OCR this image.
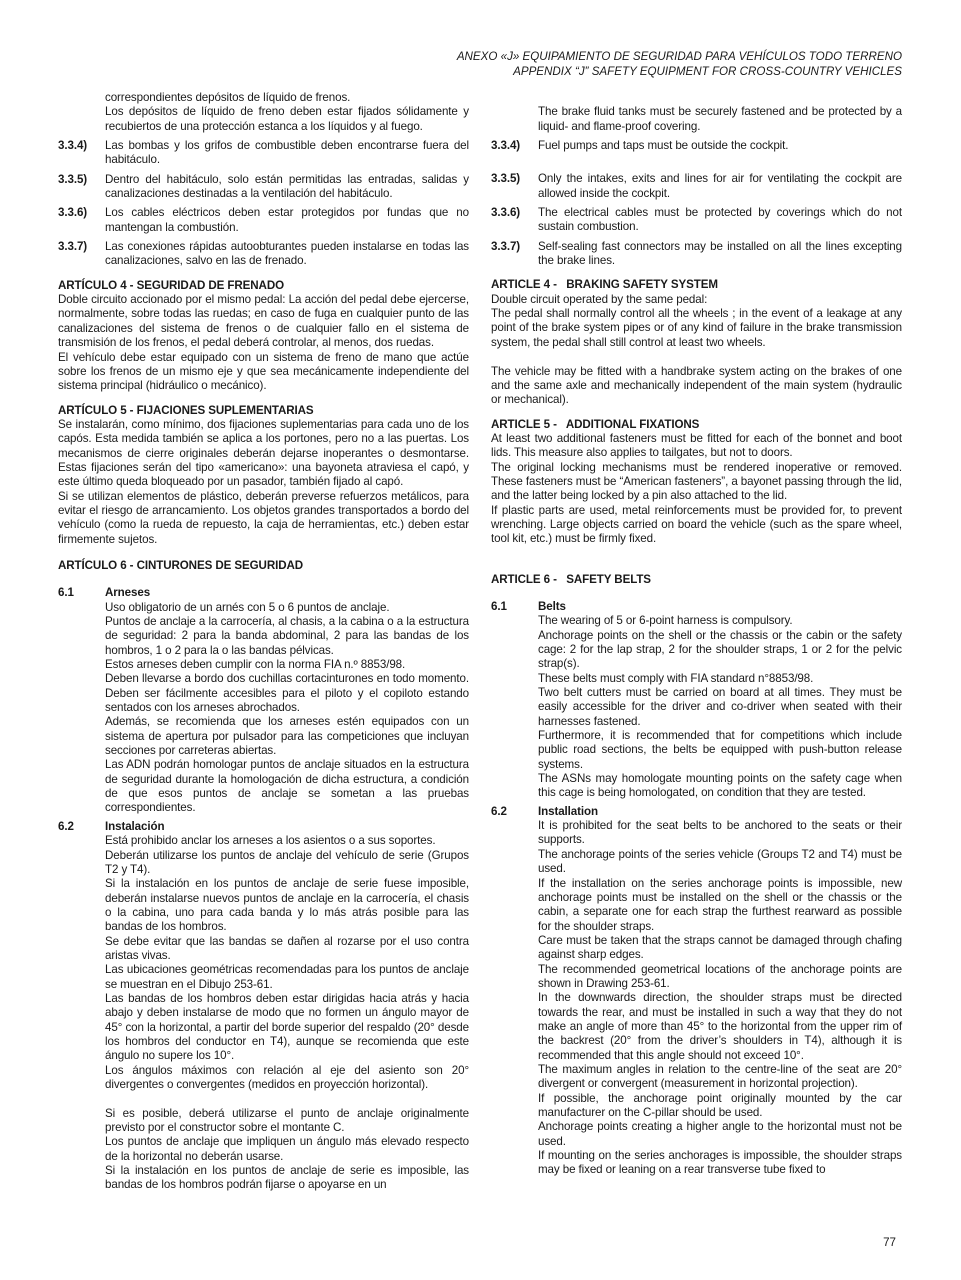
ANEXO «J» EQUIPAMIENTO DE SEGURIDAD PARA VEHÍCULOS TODO TERRENO
APPENDIX “J” SAFETY EQUIPMENT FOR CROSS-COUNTRY VEHICLES

correspondientes depósitos de líquido de frenos.

Los depósitos de líquido de freno deben estar fijados sólidamente y recubiertos de una protección estanca a los líquidos y al fuego.

3.3.4)	Las bombas y los grifos de combustible deben encontrarse fuera del habitáculo.
3.3.5)	Dentro del habitáculo, solo están permitidas las entradas, salidas y canalizaciones destinadas a la ventilación del habitáculo.
3.3.6)	Los cables eléctricos deben estar protegidos por fundas que no mantengan la combustión.
3.3.7)	Las conexiones rápidas autoobturantes pueden instalarse en todas las canalizaciones, salvo en las de frenado.
ARTÍCULO 4 - SEGURIDAD DE FRENADO

Doble circuito accionado por el mismo pedal: La acción del pedal debe ejercerse, normalmente, sobre todas las ruedas; en caso de fuga en cualquier punto de las canalizaciones del sistema de frenos o de cualquier fallo en el sistema de transmisión de los frenos, el pedal deberá controlar, al menos, dos ruedas.

El vehículo debe estar equipado con un sistema de freno de mano que actúe sobre los frenos de un mismo eje y que sea mecánicamente independiente del sistema principal (hidráulico o mecánico).

ARTÍCULO 5 - FIJACIONES SUPLEMENTARIAS

Se instalarán, como mínimo, dos fijaciones suplementarias para cada uno de los capós. Esta medida también se aplica a los portones, pero no a las puertas. Los mecanismos de cierre originales deberán dejarse inoperantes o desmontarse. Estas fijaciones serán del tipo «americano»: una bayoneta atraviesa el capó, y este último queda bloqueado por un pasador, también fijado al capó.

Si se utilizan elementos de plástico, deberán preverse refuerzos metálicos, para evitar el riesgo de arrancamiento. Los objetos grandes transportados a bordo del vehículo (como la rueda de repuesto, la caja de herramientas, etc.) deben estar firmemente sujetos.

ARTÍCULO 6 - CINTURONES DE SEGURIDAD
6.1	Arneses

Uso obligatorio de un arnés con 5 o 6 puntos de anclaje.

Puntos de anclaje a la carrocería, al chasis, a la cabina o a la estructura de seguridad: 2 para la banda abdominal, 2 para las bandas de los hombros, 1 o 2 para la o las bandas pélvicas.

Estos arneses deben cumplir con la norma FIA n.º 8853/98.

Deben llevarse a bordo dos cuchillas cortacinturones en todo momento. Deben ser fácilmente accesibles para el piloto y el copiloto estando sentados con los arneses abrochados.

Además, se recomienda que los arneses estén equipados con un sistema de apertura por pulsador para las competiciones que incluyan secciones por carreteras abiertas.

Las ADN podrán homologar puntos de anclaje situados en la estructura de seguridad durante la homologación de dicha estructura, a condición de que esos puntos de anclaje se sometan a las pruebas correspondientes.

6.2	Instalación

Está prohibido anclar los arneses a los asientos o a sus soportes.

Deberán utilizarse los puntos de anclaje del vehículo de serie (Grupos T2 y T4).

Si la instalación en los puntos de anclaje de serie fuese imposible, deberán instalarse nuevos puntos de anclaje en la carrocería, el chasis o la cabina, uno para cada banda y lo más atrás posible para las bandas de los hombros.

Se debe evitar que las bandas se dañen al rozarse por el uso contra aristas vivas.

Las ubicaciones geométricas recomendadas para los puntos de anclaje se muestran en el Dibujo 253-61.

Las bandas de los hombros deben estar dirigidas hacia atrás y hacia abajo y deben instalarse de modo que no formen un ángulo mayor de 45° con la horizontal, a partir del borde superior del respaldo (20° desde los hombros del conductor en T4), aunque se recomienda que este ángulo no supere los 10°.

Los ángulos máximos con relación al eje del asiento son 20° divergentes o convergentes (medidos en proyección horizontal).

Si es posible, deberá utilizarse el punto de anclaje originalmente previsto por el constructor sobre el montante C.

Los puntos de anclaje que impliquen un ángulo más elevado respecto de la horizontal no deberán usarse.

Si la instalación en los puntos de anclaje de serie es imposible, las bandas de los hombros podrán fijarse o apoyarse en un

The brake fluid tanks must be securely fastened and be protected by a liquid- and flame-proof covering.

3.3.4)	Fuel pumps and taps must be outside the cockpit.
3.3.5)	Only the intakes, exits and lines for air for ventilating the cockpit are allowed inside the cockpit.
3.3.6)	The electrical cables must be protected by coverings which do not sustain combustion.
3.3.7)	Self-sealing fast connectors may be installed on all the lines excepting the brake lines.
ARTICLE 4 -   BRAKING SAFETY SYSTEM

Double circuit operated by the same pedal:

The pedal shall normally control all the wheels ; in the event of a leakage at any point of the brake system pipes or of any kind of failure in the brake transmission system, the pedal shall still control at least two wheels.

The vehicle may be fitted with a handbrake system acting on the brakes of one and the same axle and mechanically independent of the main system (hydraulic or mechanical).

ARTICLE 5 -   ADDITIONAL FIXATIONS

At least two additional fasteners must be fitted for each of the bonnet and boot lids. This measure also applies to tailgates, but not to doors.

The original locking mechanisms must be rendered inoperative or removed. These fasteners must be “American fasteners”, a bayonet passing through the lid, and the latter being locked by a pin also attached to the lid.

If plastic parts are used, metal reinforcements must be provided for, to prevent wrenching. Large objects carried on board the vehicle (such as the spare wheel, tool kit, etc.) must be firmly fixed.

ARTICLE 6 -   SAFETY BELTS
6.1	Belts

The wearing of 5 or 6-point harness is compulsory.

Anchorage points on the shell or the chassis or the cabin or the safety cage: 2 for the lap strap, 2 for the shoulder straps, 1 or 2 for the pelvic strap(s).

These belts must comply with FIA standard n°8853/98.

Two belt cutters must be carried on board at all times. They must be easily accessible for the driver and co-driver when seated with their harnesses fastened.

Furthermore, it is recommended that for competitions which include public road sections, the belts be equipped with push-button release systems.

The ASNs may homologate mounting points on the safety cage when this cage is being homologated, on condition that they are tested.

6.2	Installation

It is prohibited for the seat belts to be anchored to the seats or their supports.

The anchorage points of the series vehicle (Groups T2 and T4) must be used.

If the installation on the series anchorage points is impossible, new anchorage points must be installed on the shell or the chassis or the cabin, a separate one for each strap the furthest rearward as possible for the shoulder straps.

Care must be taken that the straps cannot be damaged through chafing against sharp edges.

The recommended geometrical locations of the anchorage points are shown in Drawing 253-61.

In the downwards direction, the shoulder straps must be directed towards the rear, and must be installed in such a way that they do not make an angle of more than 45° to the horizontal from the upper rim of the backrest (20° from the driver’s shoulders in T4), although it is recommended that this angle should not exceed 10°.

The maximum angles in relation to the centre-line of the seat are 20° divergent or convergent (measurement in horizontal projection).

If possible, the anchorage point originally mounted by the car manufacturer on the C-pillar should be used.

Anchorage points creating a higher angle to the horizontal must not be used.

If mounting on the series anchorages is impossible, the shoulder straps may be fixed or leaning on a rear transverse tube fixed to

77
